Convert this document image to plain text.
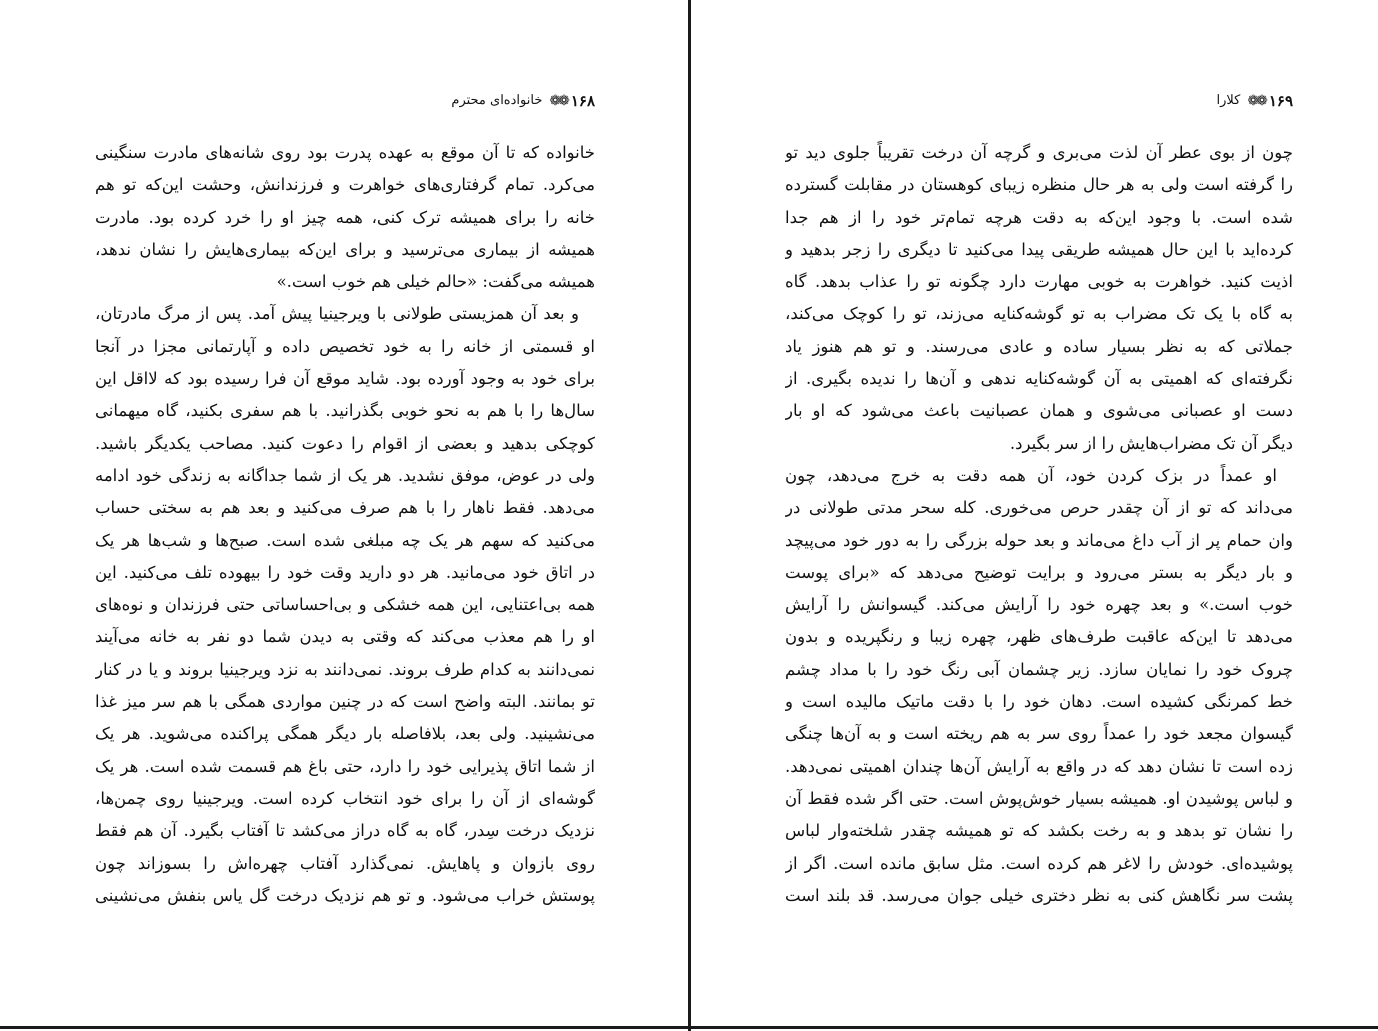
۱۶۸
❁❁
خانواده‌ای محترم
خانواده که تا آن موقع به عهده پدرت بود روی شانه‌های مادرت سنگینی
می‌کرد. تمام گرفتاری‌های خواهرت و فرزندانش، وحشت این‌که تو هم
خانه را برای همیشه ترک کنی، همه چیز او را خرد کرده بود. مادرت
همیشه از بیماری می‌ترسید و برای این‌که بیماری‌هایش را نشان ندهد،
همیشه می‌گفت: «حالم خیلی هم خوب است.»
و بعد آن همزیستی طولانی با ویرجینیا پیش آمد. پس از مرگ مادرتان،
او قسمتی از خانه را به خود تخصیص داده و آپارتمانی مجزا در آنجا
برای خود به وجود آورده بود. شاید موقع آن فرا رسیده بود که لااقل این
سال‌ها را با هم به نحو خوبی بگذرانید. با هم سفری بکنید، گاه میهمانی
کوچکی بدهید و بعضی از اقوام را دعوت کنید. مصاحب یکدیگر باشید.
ولی در عوض، موفق نشدید. هر یک از شما جداگانه به زندگی خود ادامه
می‌دهد. فقط ناهار را با هم صرف می‌کنید و بعد هم به سختی حساب
می‌کنید که سهم هر یک چه مبلغی شده است. صبح‌ها و شب‌ها هر یک
در اتاق خود می‌مانید. هر دو دارید وقت خود را بیهوده تلف می‌کنید. این
همه بی‌اعتنایی، این همه خشکی و بی‌احساساتی حتی فرزندان و نوه‌های
او را هم معذب می‌کند که وقتی به دیدن شما دو نفر به خانه می‌آیند
نمی‌دانند به کدام طرف بروند. نمی‌دانند به نزد ویرجینیا بروند و یا در کنار
تو بمانند. البته واضح است که در چنین مواردی همگی با هم سر میز غذا
می‌نشینید. ولی بعد، بلافاصله بار دیگر همگی پراکنده می‌شوید. هر یک
از شما اتاق پذیرایی خود را دارد، حتی باغ هم قسمت شده است. هر یک
گوشه‌ای از آن را برای خود انتخاب کرده است. ویرجینیا روی چمن‌ها،
نزدیک درخت سِدر، گاه به گاه دراز می‌کشد تا آفتاب بگیرد. آن هم فقط
روی بازوان و پاهایش. نمی‌گذارد آفتاب چهره‌اش را بسوزاند چون
پوستش خراب می‌شود. و تو هم نزدیک درخت گل یاس بنفش می‌نشینی
۱۶۹
❁❁
کلارا
چون از بوی عطر آن لذت می‌بری و گرچه آن درخت تقریباً جلوی دید تو
را گرفته است ولی به هر حال منظره زیبای کوهستان در مقابلت گسترده
شده است. با وجود این‌که به دقت هرچه تمام‌تر خود را از هم جدا
کرده‌اید با این حال همیشه طریقی پیدا می‌کنید تا دیگری را زجر بدهید و
اذیت کنید. خواهرت به خوبی مهارت دارد چگونه تو را عذاب بدهد. گاه
به گاه با یک تک مضراب به تو گوشه‌کنایه می‌زند، تو را کوچک می‌کند،
جملاتی که به نظر بسیار ساده و عادی می‌رسند. و تو هم هنوز یاد
نگرفته‌ای که اهمیتی به آن گوشه‌کنایه ندهی و آن‌ها را ندیده بگیری. از
دست او عصبانی می‌شوی و همان عصبانیت باعث می‌شود که او بار
دیگر آن تک مضراب‌هایش را از سر بگیرد.
او عمداً در بزک کردن خود، آن همه دقت به خرج می‌دهد، چون
می‌داند که تو از آن چقدر حرص می‌خوری. کله سحر مدتی طولانی در
وان حمام پر از آب داغ می‌ماند و بعد حوله بزرگی را به دور خود می‌پیچد
و بار دیگر به بستر می‌رود و برایت توضیح می‌دهد که «برای پوست
خوب است.» و بعد چهره خود را آرایش می‌کند. گیسوانش را آرایش
می‌دهد تا این‌که عاقبت طرف‌های ظهر، چهره زیبا و رنگپریده و بدون
چروک خود را نمایان سازد. زیر چشمان آبی رنگ خود را با مداد چشم
خط کمرنگی کشیده است. دهان خود را با دقت ماتیک مالیده است و
گیسوان مجعد خود را عمداً روی سر به هم ریخته است و به آن‌ها چنگی
زده است تا نشان دهد که در واقع به آرایش آن‌ها چندان اهمیتی نمی‌دهد.
و لباس پوشیدن او. همیشه بسیار خوش‌پوش است. حتی اگر شده فقط آن
را نشان تو بدهد و به رخت بکشد که تو همیشه چقدر شلخته‌وار لباس
پوشیده‌ای. خودش را لاغر هم کرده است. مثل سابق مانده است. اگر از
پشت سر نگاهش کنی به نظر دختری خیلی جوان می‌رسد. قد بلند است
